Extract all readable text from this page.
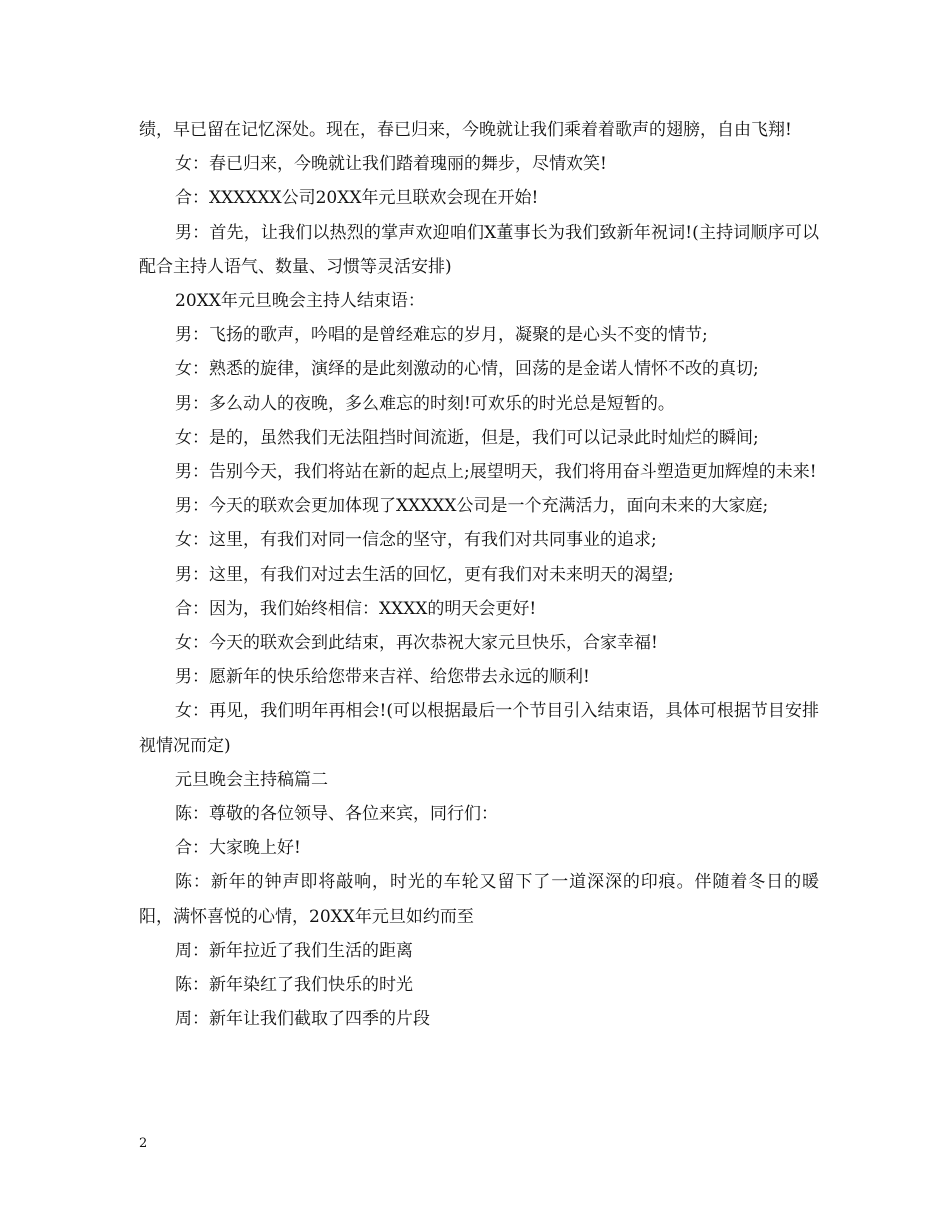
绩，早已留在记忆深处。现在，春已归来，今晚就让我们乘着着歌声的翅膀，自由飞翔!

女：春已归来，今晚就让我们踏着瑰丽的舞步，尽情欢笑!

合：XXXXXX公司20XX年元旦联欢会现在开始!

男：首先，让我们以热烈的掌声欢迎咱们X董事长为我们致新年祝词!(主持词顺序可以配合主持人语气、数量、习惯等灵活安排)

20XX年元旦晚会主持人结束语：

男：飞扬的歌声，吟唱的是曾经难忘的岁月，凝聚的是心头不变的情节;

女：熟悉的旋律，演绎的是此刻激动的心情，回荡的是金诺人情怀不改的真切;

男：多么动人的夜晚，多么难忘的时刻!可欢乐的时光总是短暂的。

女：是的，虽然我们无法阻挡时间流逝，但是，我们可以记录此时灿烂的瞬间;

男：告别今天，我们将站在新的起点上;展望明天，我们将用奋斗塑造更加辉煌的未来!

男：今天的联欢会更加体现了XXXXX公司是一个充满活力，面向未来的大家庭;

女：这里，有我们对同一信念的坚守，有我们对共同事业的追求;

男：这里，有我们对过去生活的回忆，更有我们对未来明天的渴望;

合：因为，我们始终相信：XXXX的明天会更好!

女：今天的联欢会到此结束，再次恭祝大家元旦快乐，合家幸福!

男：愿新年的快乐给您带来吉祥、给您带去永远的顺利!

女：再见，我们明年再相会!(可以根据最后一个节目引入结束语，具体可根据节目安排视情况而定)

元旦晚会主持稿篇二

陈：尊敬的各位领导、各位来宾，同行们：

合：大家晚上好!

陈：新年的钟声即将敲响，时光的车轮又留下了一道深深的印痕。伴随着冬日的暖阳，满怀喜悦的心情，20XX年元旦如约而至

周：新年拉近了我们生活的距离

陈：新年染红了我们快乐的时光

周：新年让我们截取了四季的片段

2
